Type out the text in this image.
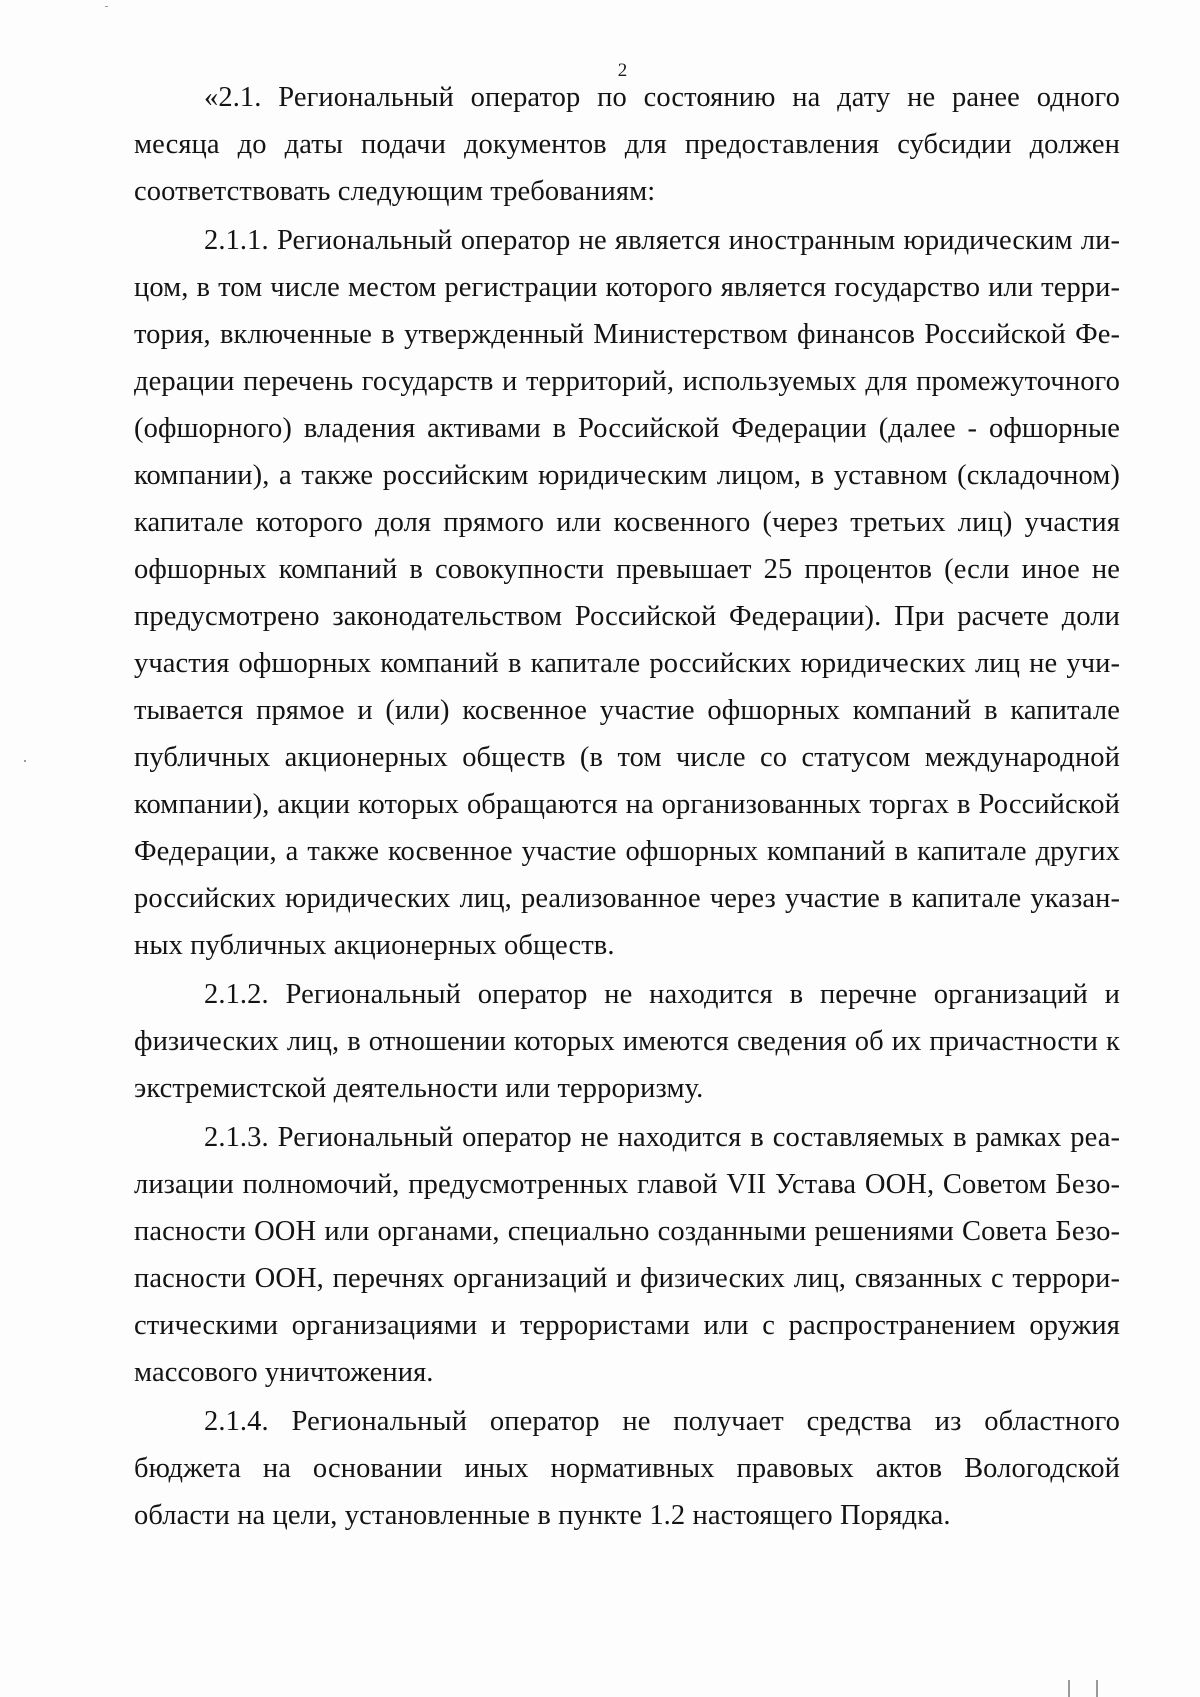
2

«2.1. Региональный оператор по состоянию на дату не ранее одного месяца до даты подачи документов для предоставления субсидии должен соответствовать следующим требованиям:

2.1.1. Региональный оператор не является иностранным юридическим лицом, в том числе местом регистрации которого является государство или территория, включенные в утвержденный Министерством финансов Российской Федерации перечень государств и территорий, используемых для промежуточного (офшорного) владения активами в Российской Федерации (далее - офшорные компании), а также российским юридическим лицом, в уставном (складочном) капитале которого доля прямого или косвенного (через третьих лиц) участия офшорных компаний в совокупности превышает 25 процентов (если иное не предусмотрено законодательством Российской Федерации). При расчете доли участия офшорных компаний в капитале российских юридических лиц не учитывается прямое и (или) косвенное участие офшорных компаний в капитале публичных акционерных обществ (в том числе со статусом международной компании), акции которых обращаются на организованных торгах в Российской Федерации, а также косвенное участие офшорных компаний в капитале других российских юридических лиц, реализованное через участие в капитале указанных публичных акционерных обществ.

2.1.2. Региональный оператор не находится в перечне организаций и физических лиц, в отношении которых имеются сведения об их причастности к экстремистской деятельности или терроризму.

2.1.3. Региональный оператор не находится в составляемых в рамках реализации полномочий, предусмотренных главой VII Устава ООН, Советом Безопасности ООН или органами, специально созданными решениями Совета Безопасности ООН, перечнях организаций и физических лиц, связанных с террористическими организациями и террористами или с распространением оружия массового уничтожения.

2.1.4. Региональный оператор не получает средства из областного бюджета на основании иных нормативных правовых актов Вологодской области на цели, установленные в пункте 1.2 настоящего Порядка.
